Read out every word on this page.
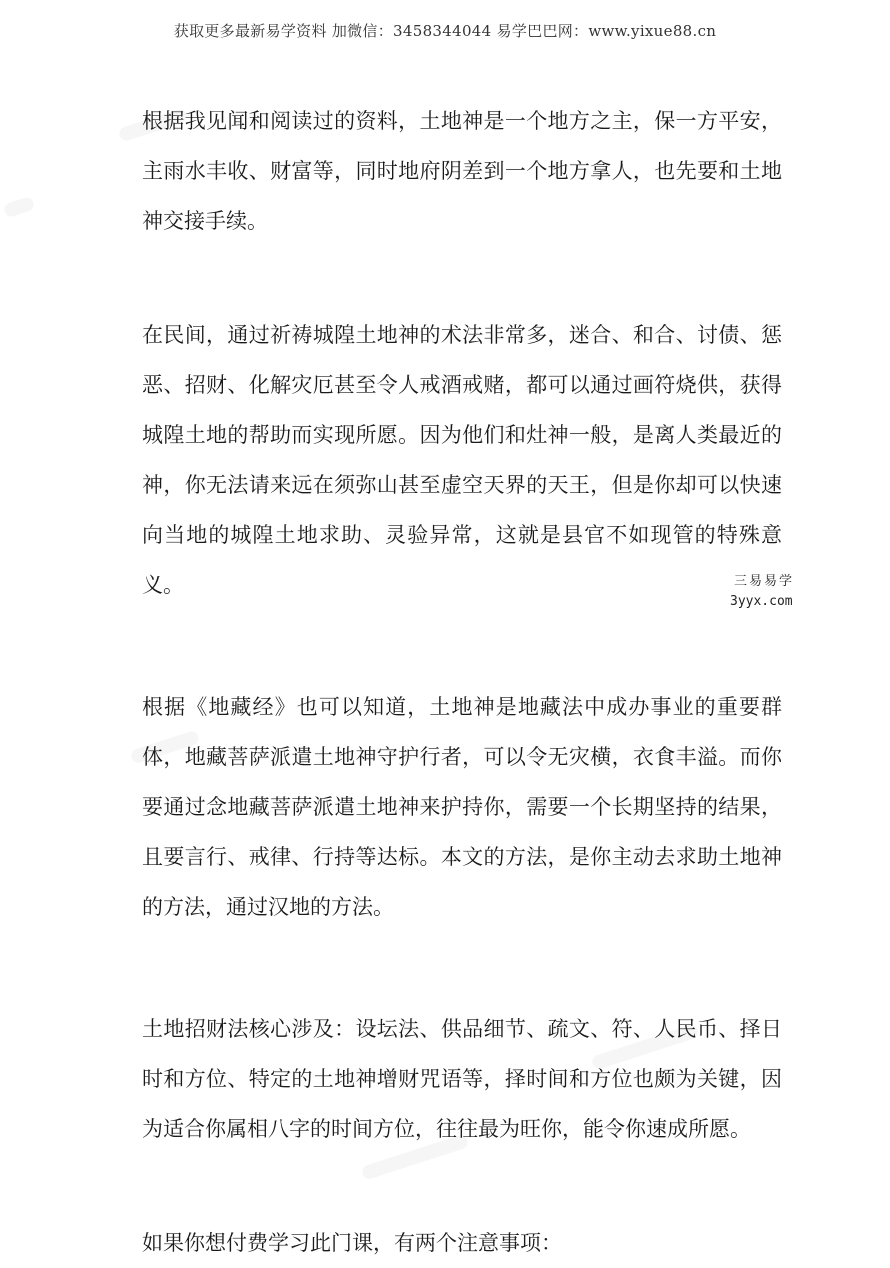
获取更多最新易学资料 加微信：3458344044 易学巴巴网：www.yixue88.cn

根据我见闻和阅读过的资料，土地神是一个地方之主，保一方平安，主雨水丰收、财富等，同时地府阴差到一个地方拿人，也先要和土地神交接手续。

在民间，通过祈祷城隍土地神的术法非常多，迷合、和合、讨债、惩恶、招财、化解灾厄甚至令人戒酒戒赌，都可以通过画符烧供，获得城隍土地的帮助而实现所愿。因为他们和灶神一般，是离人类最近的神，你无法请来远在须弥山甚至虚空天界的天王，但是你却可以快速向当地的城隍土地求助、灵验异常，这就是县官不如现管的特殊意义。

根据《地藏经》也可以知道，土地神是地藏法中成办事业的重要群体，地藏菩萨派遣土地神守护行者，可以令无灾横，衣食丰溢。而你要通过念地藏菩萨派遣土地神来护持你，需要一个长期坚持的结果，且要言行、戒律、行持等达标。本文的方法，是你主动去求助土地神的方法，通过汉地的方法。

土地招财法核心涉及：设坛法、供品细节、疏文、符、人民币、择日时和方位、特定的土地神增财咒语等，择时间和方位也颇为关键，因为适合你属相八字的时间方位，往往最为旺你，能令你速成所愿。

如果你想付费学习此门课，有两个注意事项：

三易易学
3yyx.com
